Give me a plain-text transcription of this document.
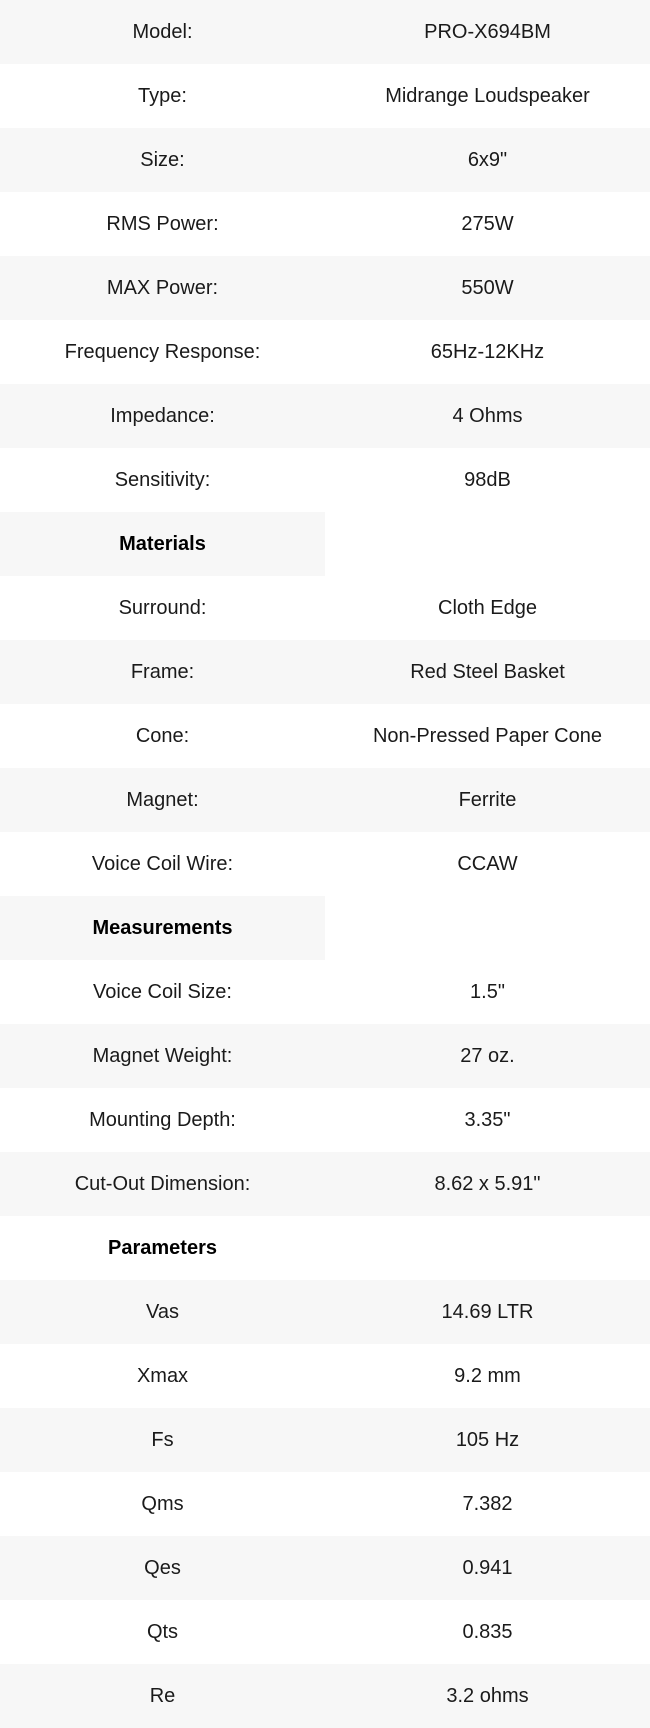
Model:	PRO-X694BM
Type:	Midrange Loudspeaker
Size:	6x9"
RMS Power:	275W
MAX Power:	550W
Frequency Response:	65Hz-12KHz
Impedance:	4 Ohms
Sensitivity:	98dB
Materials
Surround:	Cloth Edge
Frame:	Red Steel Basket
Cone:	Non-Pressed Paper Cone
Magnet:	Ferrite
Voice Coil Wire:	CCAW
Measurements
Voice Coil Size:	1.5"
Magnet Weight:	27 oz.
Mounting Depth:	3.35"
Cut-Out Dimension:	8.62 x 5.91"
Parameters
Vas	14.69 LTR
Xmax	9.2 mm
Fs	105 Hz
Qms	7.382
Qes	0.941
Qts	0.835
Re	3.2 ohms
